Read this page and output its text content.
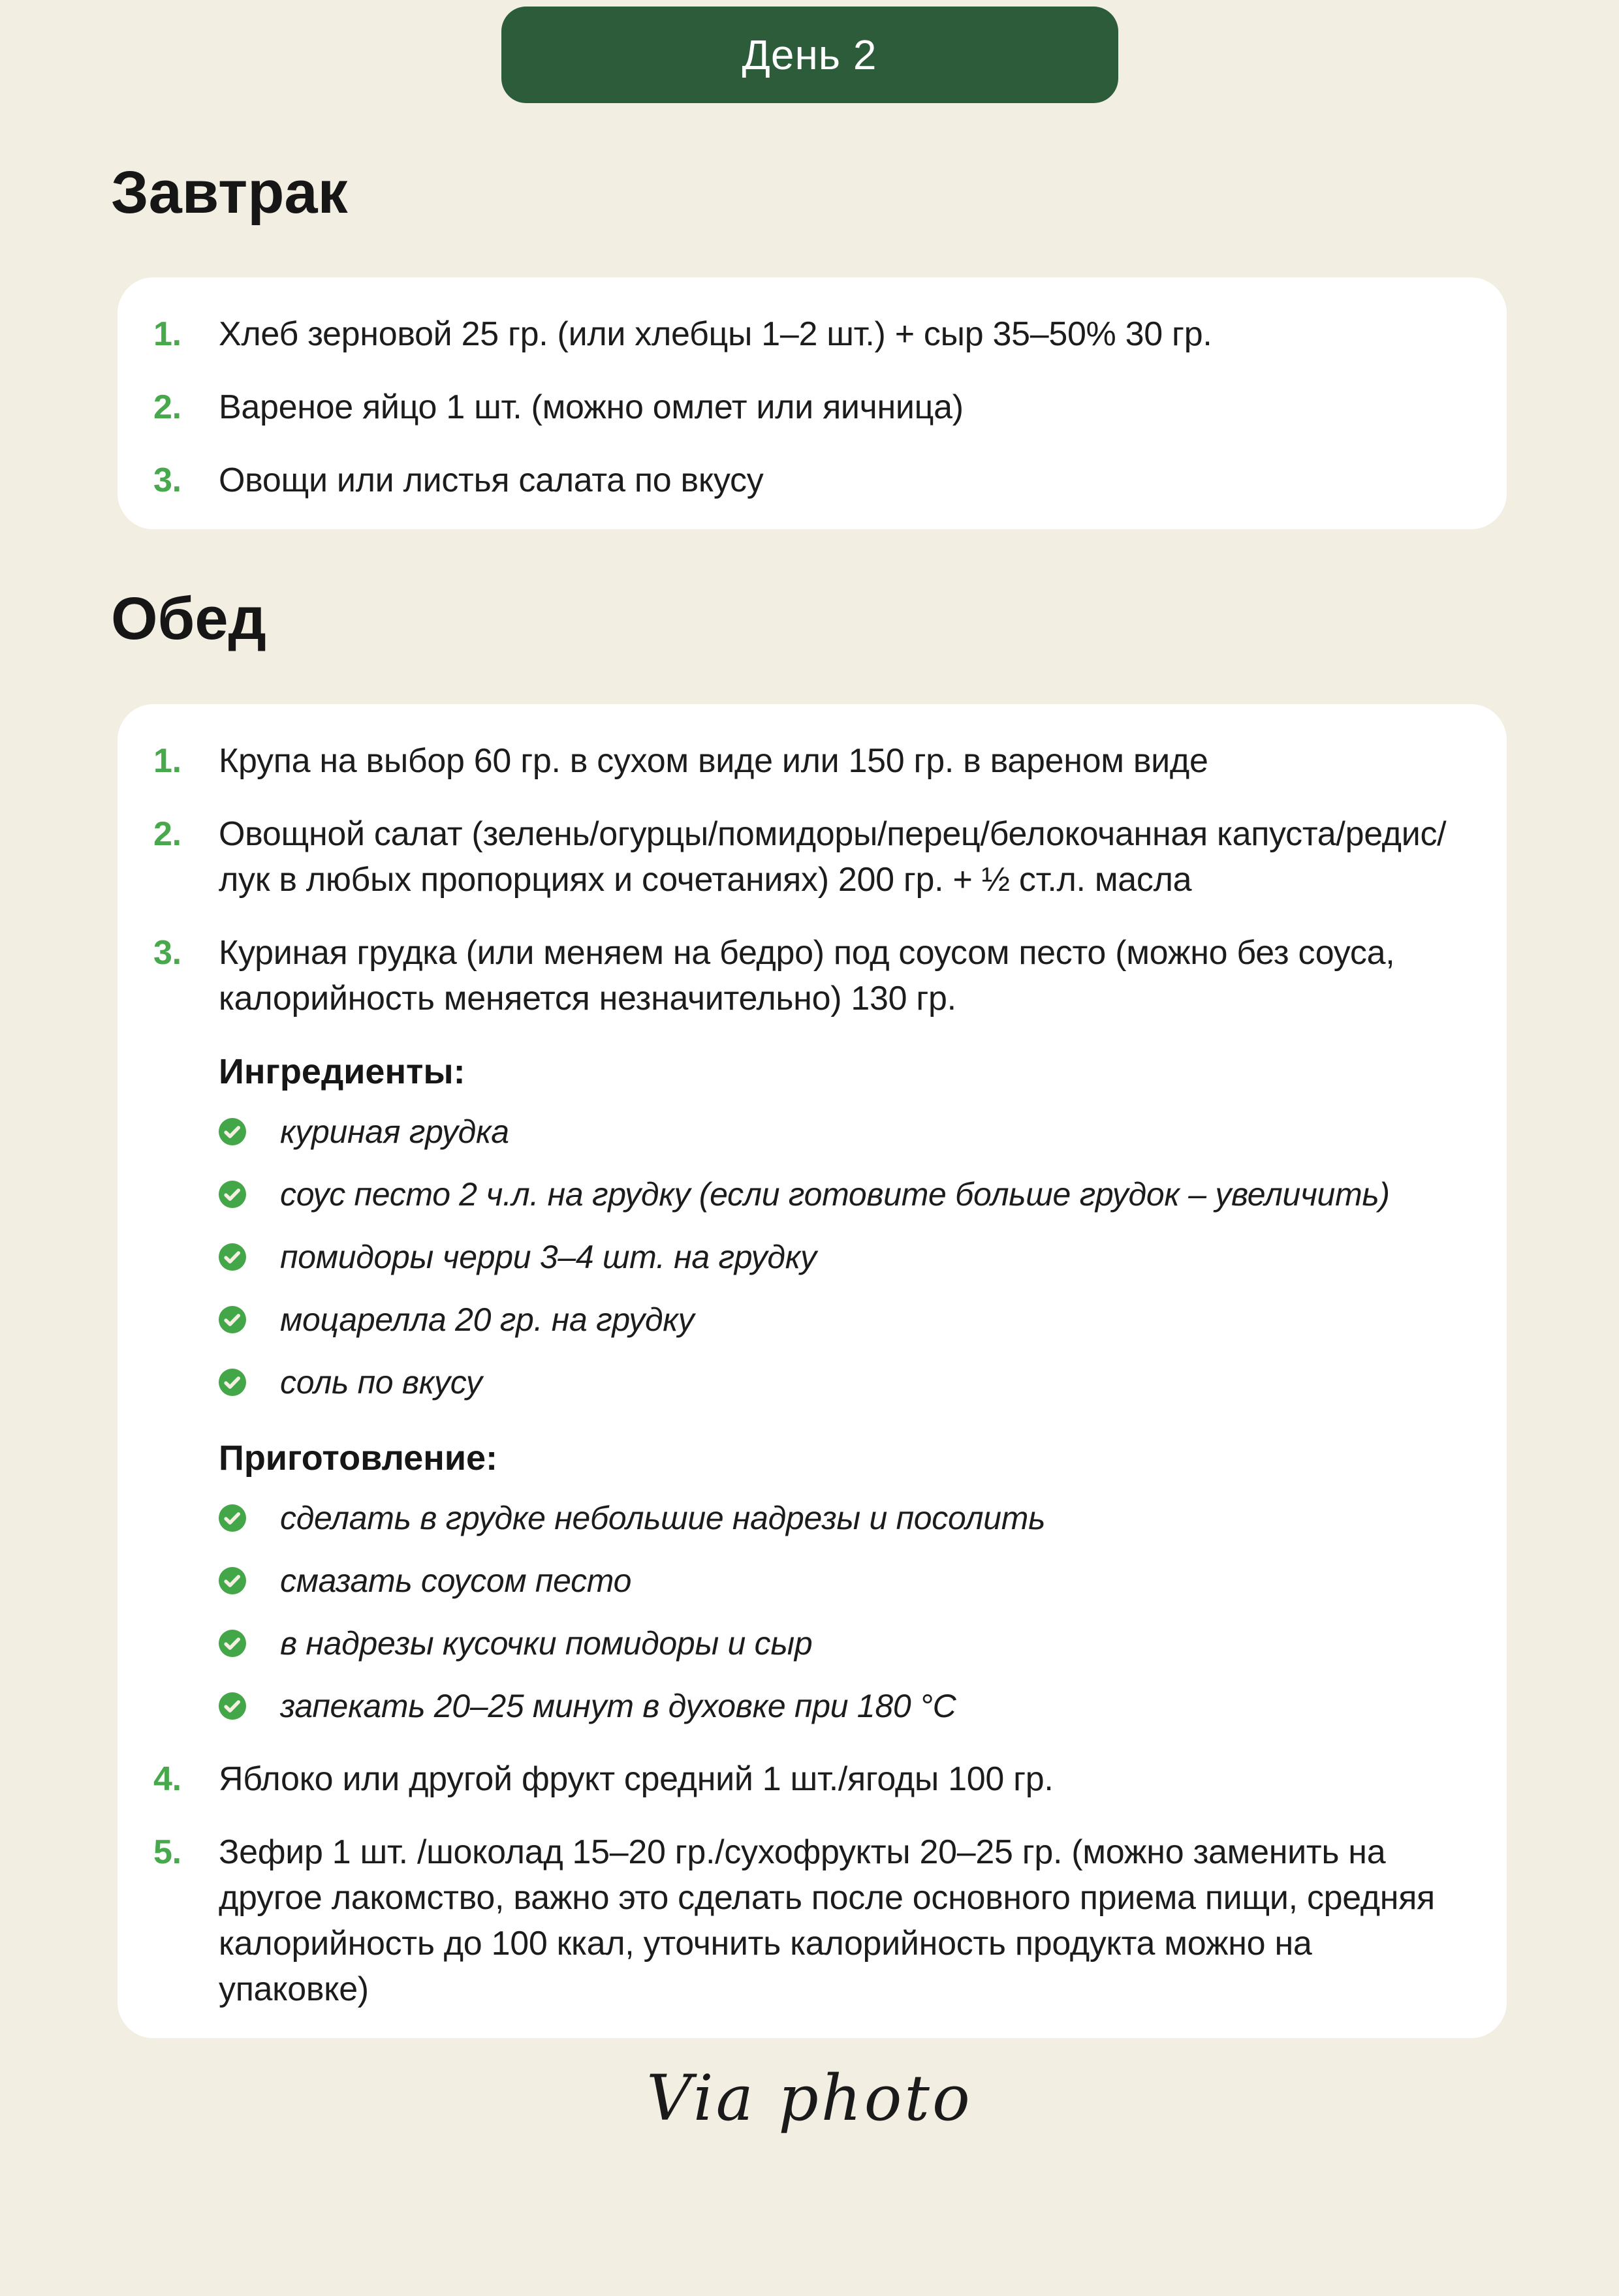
День 2
Завтрак
1.	Хлеб зерновой 25 гр. (или хлебцы 1–2 шт.) + сыр 35–50% 30 гр.
2.	Вареное яйцо 1 шт. (можно омлет или яичница)
3.	Овощи или листья салата по вкусу
Обед
1.	Крупа на выбор 60 гр. в сухом виде или 150 гр. в вареном виде
2.	Овощной салат (зелень/огурцы/помидоры/перец/белокочанная капуста/редис/лук в любых пропорциях и сочетаниях) 200 гр. + ½ ст.л. масла
3.	Куриная грудка (или меняем на бедро) под соусом песто (можно без соуса, калорийность меняется незначительно) 130 гр.
Ингредиенты:
куриная грудка
соус песто 2 ч.л. на грудку (если готовите больше грудок – увеличить)
помидоры черри 3–4 шт. на грудку
моцарелла 20 гр. на грудку
соль по вкусу
Приготовление:
сделать в грудке небольшие надрезы и посолить
смазать соусом песто
в надрезы кусочки помидоры и сыр
запекать 20–25 минут в духовке при 180 °C
4.	Яблоко или другой фрукт средний 1 шт./ягоды 100 гр.
5.	Зефир 1 шт. /шоколад 15–20 гр./сухофрукты 20–25 гр. (можно заменить на другое лакомство, важно это сделать после основного приема пищи, средняя калорийность до 100 ккал, уточнить калорийность продукта можно на упаковке)
Via photo
